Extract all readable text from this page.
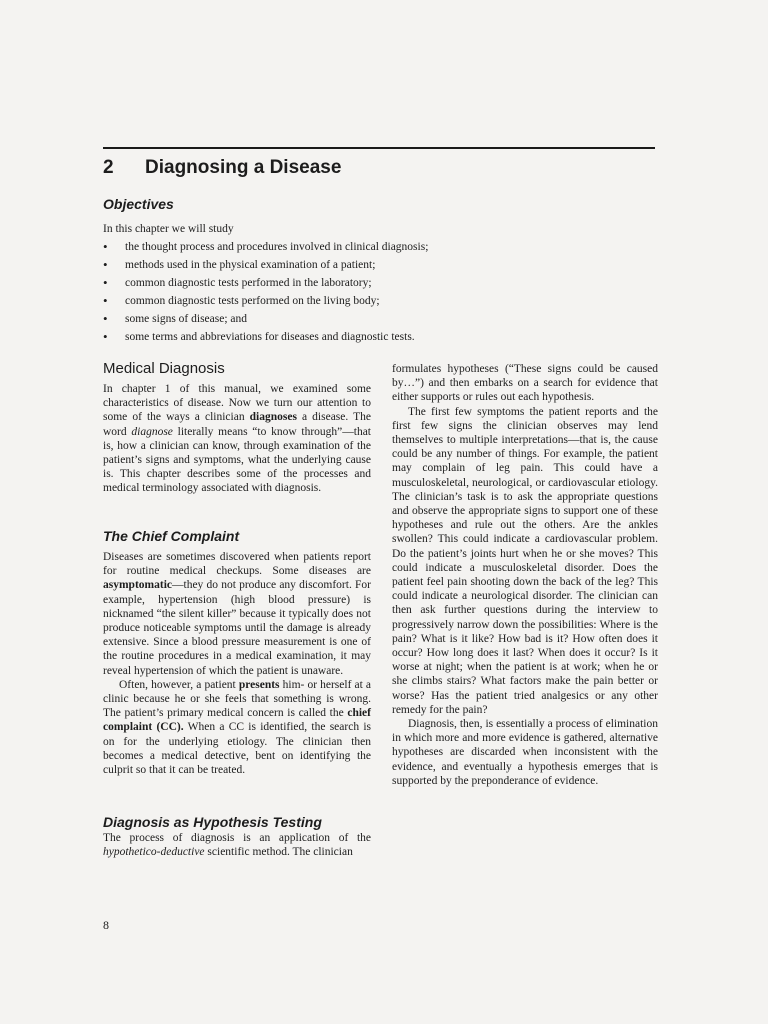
2 Diagnosing a Disease
Objectives
In this chapter we will study
• the thought process and procedures involved in clinical diagnosis;
• methods used in the physical examination of a patient;
• common diagnostic tests performed in the laboratory;
• common diagnostic tests performed on the living body;
• some signs of disease; and
• some terms and abbreviations for diseases and diagnostic tests.
Medical Diagnosis

In chapter 1 of this manual, we examined some characteristics of disease. Now we turn our attention to some of the ways a clinician diagnoses a disease. The word diagnose literally means “to know through”—that is, how a clinician can know, through examination of the patient’s signs and symptoms, what the underlying cause is. This chapter describes some of the processes and medical terminology associated with diagnosis.

The Chief Complaint

Diseases are sometimes discovered when patients report for routine medical checkups. Some diseases are asymptomatic—they do not produce any discomfort. For example, hypertension (high blood pressure) is nicknamed “the silent killer” because it typically does not produce noticeable symptoms until the damage is already extensive. Since a blood pressure measurement is one of the routine procedures in a medical examination, it may reveal hypertension of which the patient is unaware.

Often, however, a patient presents him- or herself at a clinic because he or she feels that something is wrong. The patient’s primary medical concern is called the chief complaint (CC). When a CC is identified, the search is on for the underlying etiology. The clinician then becomes a medical detective, bent on identifying the culprit so that it can be treated.

Diagnosis as Hypothesis Testing

The process of diagnosis is an application of the hypothetico-deductive scientific method. The clinician

formulates hypotheses (“These signs could be caused by…”) and then embarks on a search for evidence that either supports or rules out each hypothesis.

The first few symptoms the patient reports and the first few signs the clinician observes may lend themselves to multiple interpretations—that is, the cause could be any number of things. For example, the patient may complain of leg pain. This could have a musculoskeletal, neurological, or cardiovascular etiology. The clinician’s task is to ask the appropriate questions and observe the appropriate signs to support one of these hypotheses and rule out the others. Are the ankles swollen? This could indicate a cardiovascular problem. Do the patient’s joints hurt when he or she moves? This could indicate a musculoskeletal disorder. Does the patient feel pain shooting down the back of the leg? This could indicate a neurological disorder. The clinician can then ask further questions during the interview to progressively narrow down the possibilities: Where is the pain? What is it like? How bad is it? How often does it occur? How long does it last? When does it occur? Is it worse at night; when the patient is at work; when he or she climbs stairs? What factors make the pain better or worse? Has the patient tried analgesics or any other remedy for the pain?

Diagnosis, then, is essentially a process of elimination in which more and more evidence is gathered, alternative hypotheses are discarded when inconsistent with the evidence, and eventually a hypothesis emerges that is supported by the preponderance of evidence.

8
